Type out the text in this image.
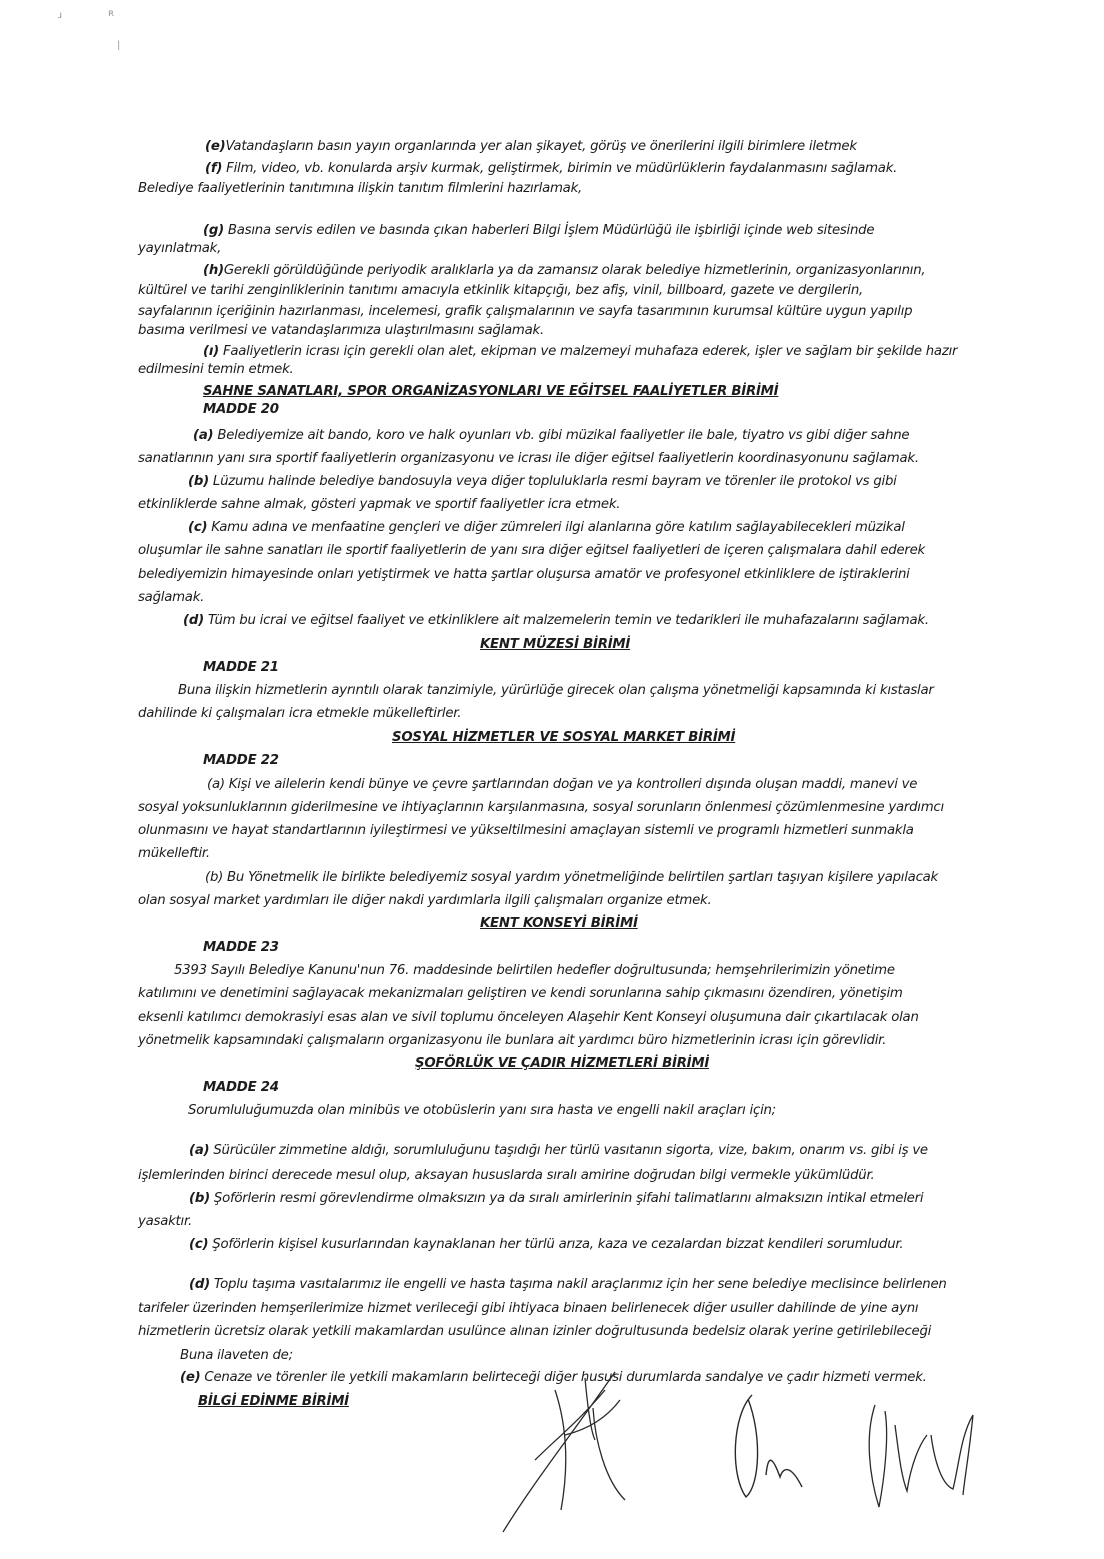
ɹ	ʀ
|
(e)Vatandaşların basın yayın organlarında yer alan şikayet, görüş ve önerilerini ilgili birimlere iletmek
(f) Film, video, vb. konularda arşiv kurmak, geliştirmek, birimin ve müdürlüklerin faydalanmasını sağlamak.
Belediye faaliyetlerinin tanıtımına ilişkin tanıtım filmlerini hazırlamak,
(g) Basına servis edilen ve basında çıkan haberleri Bilgi İşlem Müdürlüğü ile işbirliği içinde web sitesinde
yayınlatmak,
(h)Gerekli görüldüğünde periyodik aralıklarla ya da zamansız olarak belediye hizmetlerinin, organizasyonlarının,
kültürel ve tarihi zenginliklerinin tanıtımı amacıyla etkinlik kitapçığı, bez afiş, vinil, billboard, gazete ve dergilerin,
sayfalarının içeriğinin hazırlanması, incelemesi, grafik çalışmalarının ve sayfa tasarımının kurumsal kültüre uygun yapılıp
basıma verilmesi ve vatandaşlarımıza ulaştırılmasını sağlamak.
(ı) Faaliyetlerin icrası için gerekli olan alet, ekipman ve malzemeyi muhafaza ederek, işler ve sağlam bir şekilde hazır
edilmesini temin etmek.
SAHNE SANATLARI, SPOR ORGANİZASYONLARI VE EĞİTSEL FAALİYETLER BİRİMİ
MADDE 20
(a) Belediyemize ait bando, koro ve halk oyunları vb. gibi müzikal faaliyetler ile bale, tiyatro vs gibi diğer sahne
sanatlarının yanı sıra sportif faaliyetlerin organizasyonu ve icrası ile diğer eğitsel faaliyetlerin koordinasyonunu sağlamak.
(b) Lüzumu halinde belediye bandosuyla veya diğer topluluklarla resmi bayram ve törenler ile protokol vs gibi
etkinliklerde sahne almak, gösteri yapmak ve sportif faaliyetler icra etmek.
(c) Kamu adına ve menfaatine gençleri ve diğer zümreleri ilgi alanlarına göre katılım sağlayabilecekleri müzikal
oluşumlar ile sahne sanatları ile sportif faaliyetlerin de yanı sıra diğer eğitsel faaliyetleri de içeren çalışmalara dahil ederek
belediyemizin himayesinde onları yetiştirmek ve hatta şartlar oluşursa amatör ve profesyonel etkinliklere de iştiraklerini
sağlamak.
(d) Tüm bu icrai ve eğitsel faaliyet ve etkinliklere ait malzemelerin temin ve tedarikleri ile muhafazalarını sağlamak.
KENT MÜZESİ BİRİMİ
MADDE 21
Buna ilişkin hizmetlerin ayrıntılı olarak tanzimiyle, yürürlüğe girecek olan çalışma yönetmeliği kapsamında ki kıstaslar
dahilinde ki çalışmaları icra etmekle mükelleftirler.
SOSYAL HİZMETLER VE SOSYAL MARKET BİRİMİ
MADDE 22
(a) Kişi ve ailelerin kendi bünye ve çevre şartlarından doğan ve ya kontrolleri dışında oluşan maddi, manevi ve
sosyal yoksunluklarının giderilmesine ve ihtiyaçlarının karşılanmasına, sosyal sorunların önlenmesi çözümlenmesine yardımcı
olunmasını ve hayat standartlarının iyileştirmesi ve yükseltilmesini amaçlayan sistemli ve programlı hizmetleri sunmakla
mükelleftir.
(b) Bu Yönetmelik ile birlikte belediyemiz sosyal yardım yönetmeliğinde belirtilen şartları taşıyan kişilere yapılacak
olan sosyal market yardımları ile diğer nakdi yardımlarla ilgili çalışmaları organize etmek.
KENT KONSEYİ BİRİMİ
MADDE 23
5393 Sayılı Belediye Kanunu'nun 76. maddesinde belirtilen hedefler doğrultusunda; hemşehrilerimizin yönetime
katılımını ve denetimini sağlayacak mekanizmaları geliştiren ve kendi sorunlarına sahip çıkmasını özendiren, yönetişim
eksenli katılımcı demokrasiyi esas alan ve sivil toplumu önceleyen Alaşehir Kent Konseyi oluşumuna dair çıkartılacak olan
yönetmelik kapsamındaki çalışmaların organizasyonu ile bunlara ait yardımcı büro hizmetlerinin icrası için görevlidir.
ŞOFÖRLÜK VE ÇADIR HİZMETLERİ BİRİMİ
MADDE 24
Sorumluluğumuzda olan minibüs ve otobüslerin yanı sıra hasta ve engelli nakil araçları için;
(a) Sürücüler zimmetine aldığı, sorumluluğunu taşıdığı her türlü vasıtanın sigorta, vize, bakım, onarım vs. gibi iş ve
işlemlerinden birinci derecede mesul olup, aksayan hususlarda sıralı amirine doğrudan bilgi vermekle yükümlüdür.
(b) Şoförlerin resmi görevlendirme olmaksızın ya da sıralı amirlerinin şifahi talimatlarını almaksızın intikal etmeleri
yasaktır.
(c) Şoförlerin kişisel kusurlarından kaynaklanan her türlü arıza, kaza ve cezalardan bizzat kendileri sorumludur.
(d) Toplu taşıma vasıtalarımız ile engelli ve hasta taşıma nakil araçlarımız için her sene belediye meclisince belirlenen
tarifeler üzerinden hemşerilerimize hizmet verileceği gibi ihtiyaca binaen belirlenecek diğer usuller dahilinde de yine aynı
hizmetlerin ücretsiz olarak yetkili makamlardan usulünce alınan izinler doğrultusunda bedelsiz olarak yerine getirilebileceği
Buna ilaveten de;
(e) Cenaze ve törenler ile yetkili makamların belirteceği diğer hususi durumlarda sandalye ve çadır hizmeti vermek.
BİLGİ EDİNME BİRİMİ
